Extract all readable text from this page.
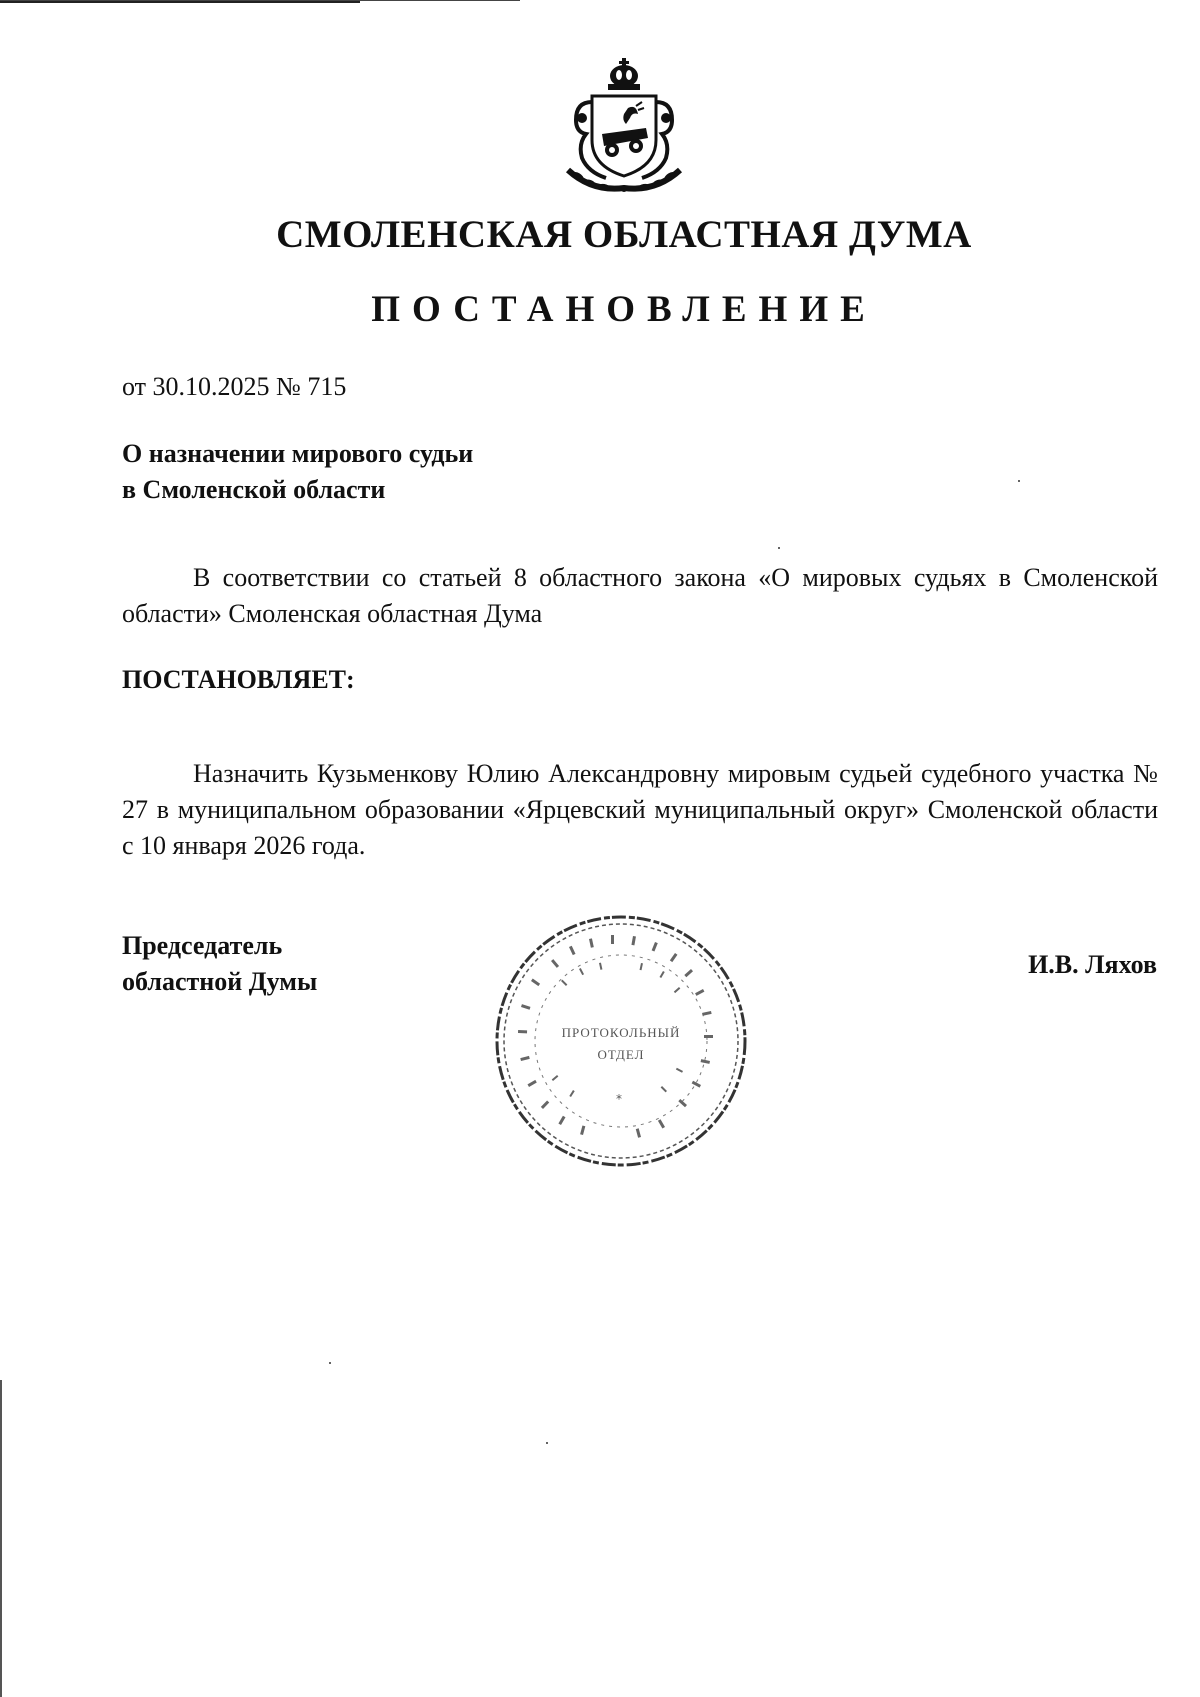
СМОЛЕНСКАЯ ОБЛАСТНАЯ ДУМА
ПОСТАНОВЛЕНИЕ
от 30.10.2025 № 715
О назначении мирового судьи
в Смоленской области
В соответствии со статьей 8 областного закона «О мировых судьях в Смоленской области» Смоленская областная Дума
ПОСТАНОВЛЯЕТ:
Назначить Кузьменкову Юлию Александровну мировым судьей судебного участка № 27 в муниципальном образовании «Ярцевский муниципальный округ» Смоленской области с 10 января 2026 года.
Председатель
областной Думы
И.В. Ляхов
*
ПРОТОКОЛЬНЫЙ
ОТДЕЛ
